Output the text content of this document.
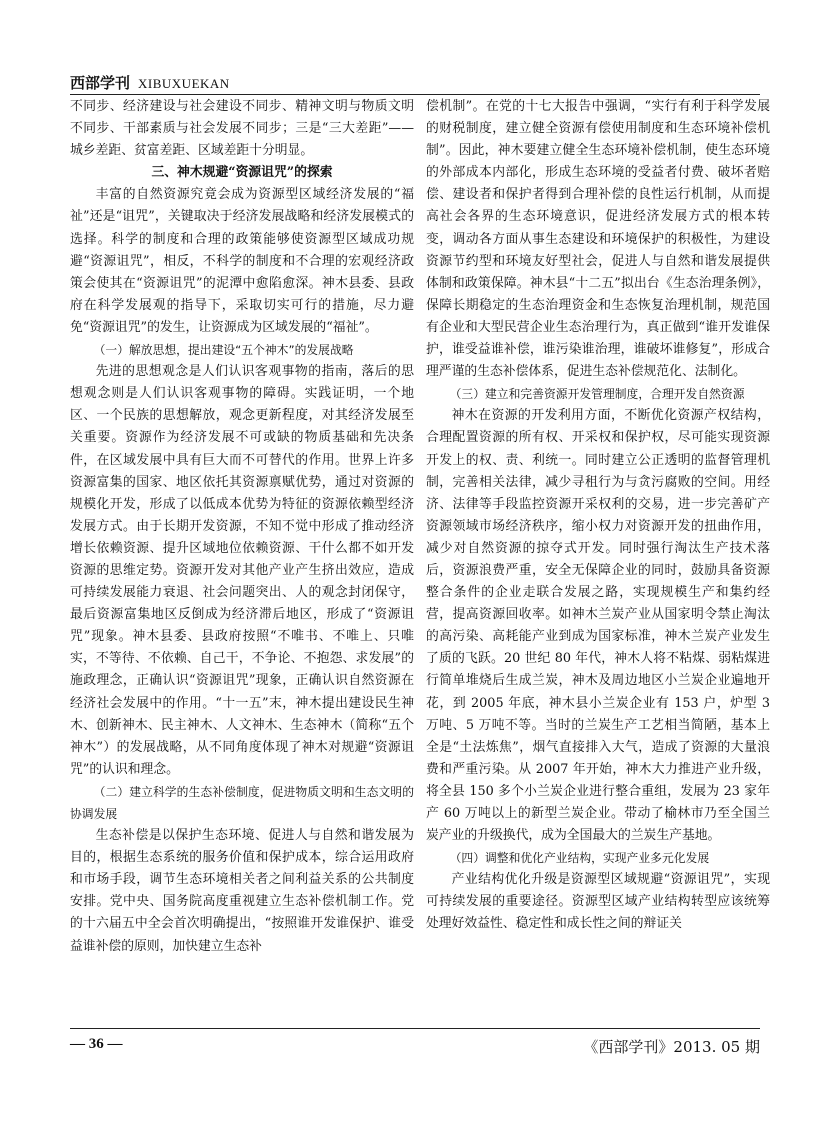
西部学刊 XIBUXUEKAN

不同步、经济建设与社会建设不同步、精神文明与物质文明不同步、干部素质与社会发展不同步；三是“三大差距”——城乡差距、贫富差距、区域差距十分明显。

三、神木规避“资源诅咒”的探索

丰富的自然资源究竟会成为资源型区域经济发展的“福祉”还是“诅咒”，关键取决于经济发展战略和经济发展模式的选择。科学的制度和合理的政策能够使资源型区域成功规避“资源诅咒”，相反，不科学的制度和不合理的宏观经济政策会使其在“资源诅咒”的泥潭中愈陷愈深。神木县委、县政府在科学发展观的指导下，采取切实可行的措施，尽力避免“资源诅咒”的发生，让资源成为区域发展的“福祉”。

（一）解放思想，提出建设“五个神木”的发展战略

先进的思想观念是人们认识客观事物的指南，落后的思想观念则是人们认识客观事物的障碍。实践证明，一个地区、一个民族的思想解放，观念更新程度，对其经济发展至关重要。资源作为经济发展不可或缺的物质基础和先决条件，在区域发展中具有巨大而不可替代的作用。世界上许多资源富集的国家、地区依托其资源禀赋优势，通过对资源的规模化开发，形成了以低成本优势为特征的资源依赖型经济发展方式。由于长期开发资源，不知不觉中形成了推动经济增长依赖资源、提升区域地位依赖资源、干什么都不如开发资源的思维定势。资源开发对其他产业产生挤出效应，造成可持续发展能力衰退、社会问题突出、人的观念封闭保守，最后资源富集地区反倒成为经济滞后地区，形成了“资源诅咒”现象。神木县委、县政府按照“不唯书、不唯上、只唯实，不等待、不依赖、自己干，不争论、不抱怨、求发展”的施政理念，正确认识“资源诅咒”现象，正确认识自然资源在经济社会发展中的作用。“十一五”末，神木提出建设民生神木、创新神木、民主神木、人文神木、生态神木（简称“五个神木”）的发展战略，从不同角度体现了神木对规避“资源诅咒”的认识和理念。

（二）建立科学的生态补偿制度，促进物质文明和生态文明的协调发展

生态补偿是以保护生态环境、促进人与自然和谐发展为目的，根据生态系统的服务价值和保护成本，综合运用政府和市场手段，调节生态环境相关者之间利益关系的公共制度安排。党中央、国务院高度重视建立生态补偿机制工作。党的十六届五中全会首次明确提出，“按照谁开发谁保护、谁受益谁补偿的原则，加快建立生态补

偿机制”。在党的十七大报告中强调，“实行有利于科学发展的财税制度，建立健全资源有偿使用制度和生态环境补偿机制”。因此，神木要建立健全生态环境补偿机制，使生态环境的外部成本内部化，形成生态环境的受益者付费、破坏者赔偿、建设者和保护者得到合理补偿的良性运行机制，从而提高社会各界的生态环境意识，促进经济发展方式的根本转变，调动各方面从事生态建设和环境保护的积极性，为建设资源节约型和环境友好型社会，促进人与自然和谐发展提供体制和政策保障。神木县“十二五”拟出台《生态治理条例》，保障长期稳定的生态治理资金和生态恢复治理机制，规范国有企业和大型民营企业生态治理行为，真正做到“谁开发谁保护，谁受益谁补偿，谁污染谁治理，谁破坏谁修复”，形成合理严谨的生态补偿体系，促进生态补偿规范化、法制化。

（三）建立和完善资源开发管理制度，合理开发自然资源

神木在资源的开发利用方面，不断优化资源产权结构，合理配置资源的所有权、开采权和保护权，尽可能实现资源开发上的权、责、利统一。同时建立公正透明的监督管理机制，完善相关法律，减少寻租行为与贪污腐败的空间。用经济、法律等手段监控资源开采权利的交易，进一步完善矿产资源领域市场经济秩序，缩小权力对资源开发的扭曲作用，减少对自然资源的掠夺式开发。同时强行淘汰生产技术落后，资源浪费严重，安全无保障企业的同时，鼓励具备资源整合条件的企业走联合发展之路，实现规模生产和集约经营，提高资源回收率。如神木兰炭产业从国家明令禁止淘汰的高污染、高耗能产业到成为国家标准，神木兰炭产业发生了质的飞跃。20 世纪 80 年代，神木人将不粘煤、弱粘煤进行简单堆烧后生成兰炭，神木及周边地区小兰炭企业遍地开花，到 2005 年底，神木县小兰炭企业有 153 户，炉型 3 万吨、5 万吨不等。当时的兰炭生产工艺相当简陋，基本上全是“土法炼焦”，烟气直接排入大气，造成了资源的大量浪费和严重污染。从 2007 年开始，神木大力推进产业升级，将全县 150 多个小兰炭企业进行整合重组，发展为 23 家年产 60 万吨以上的新型兰炭企业。带动了榆林市乃至全国兰炭产业的升级换代，成为全国最大的兰炭生产基地。

（四）调整和优化产业结构，实现产业多元化发展

产业结构优化升级是资源型区域规避“资源诅咒”，实现可持续发展的重要途径。资源型区域产业结构转型应该统筹处理好效益性、稳定性和成长性之间的辩证关

— 36 —	《西部学刊》2013. 05 期
